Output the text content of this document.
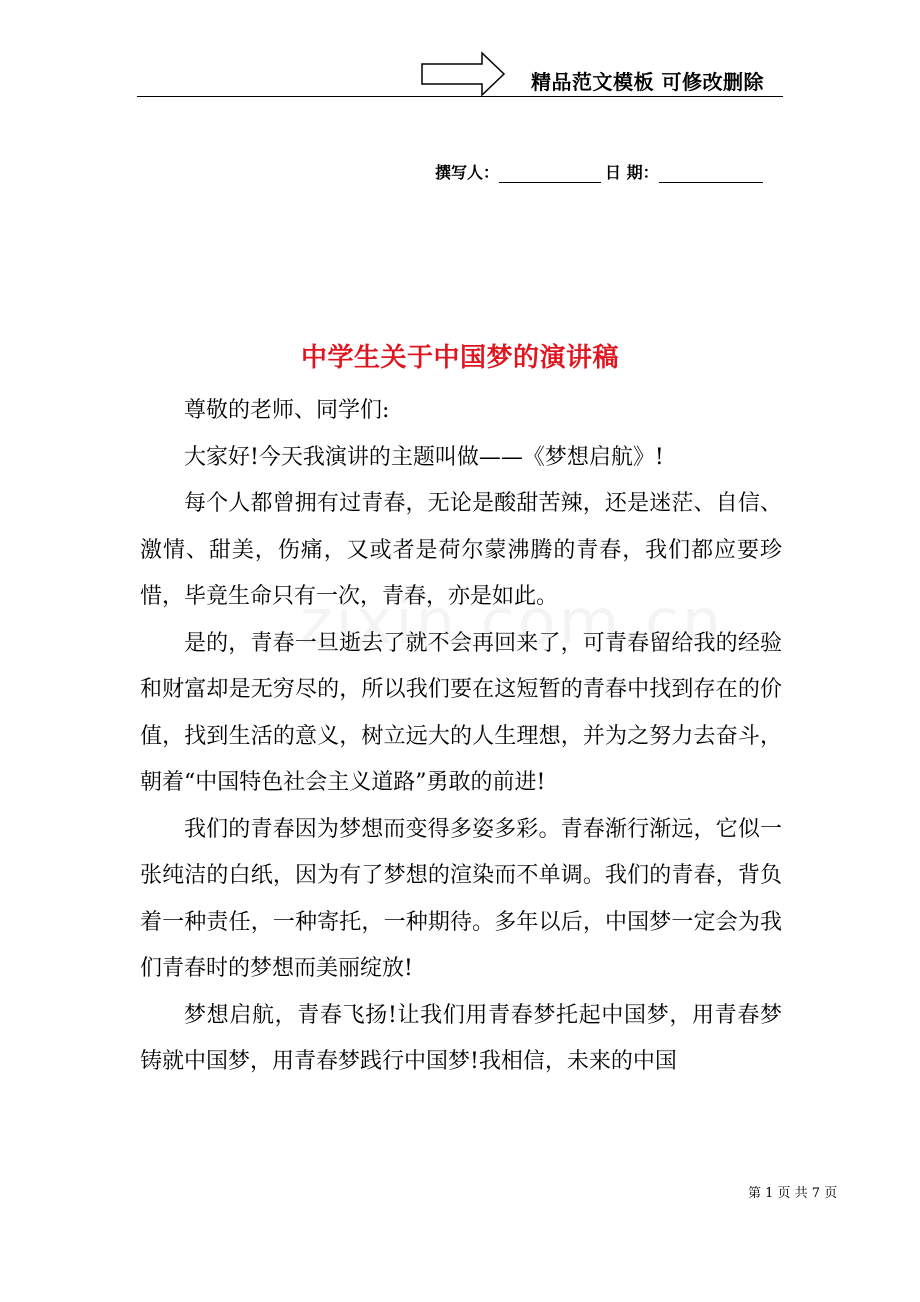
精品范文模板 可修改删除
撰写人：	日 期：
中学生关于中国梦的演讲稿

尊敬的老师、同学们:

大家好!今天我演讲的主题叫做——《梦想启航》!

每个人都曾拥有过青春，无论是酸甜苦辣，还是迷茫、自信、激情、甜美，伤痛，又或者是荷尔蒙沸腾的青春，我们都应要珍惜，毕竟生命只有一次，青春，亦是如此。

是的，青春一旦逝去了就不会再回来了，可青春留给我的经验和财富却是无穷尽的，所以我们要在这短暂的青春中找到存在的价值，找到生活的意义，树立远大的人生理想，并为之努力去奋斗，朝着“中国特色社会主义道路”勇敢的前进!

我们的青春因为梦想而变得多姿多彩。青春渐行渐远，它似一张纯洁的白纸，因为有了梦想的渲染而不单调。我们的青春，背负着一种责任，一种寄托，一种期待。多年以后，中国梦一定会为我们青春时的梦想而美丽绽放!

梦想启航，青春飞扬!让我们用青春梦托起中国梦，用青春梦铸就中国梦，用青春梦践行中国梦!我相信，未来的中国

第 1 页 共 7 页
